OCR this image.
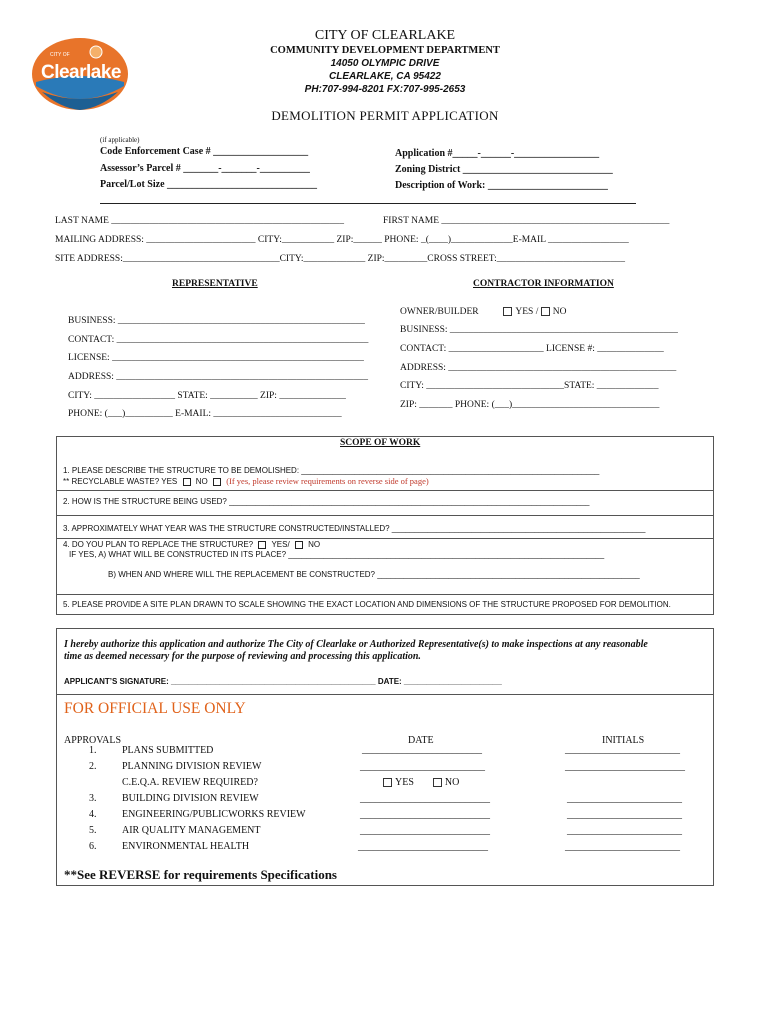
Clearlake
CITY OF
CITY OF CLEARLAKE
COMMUNITY DEVELOPMENT DEPARTMENT
14050 OLYMPIC DRIVE
CLEARLAKE, CA 95422
PH:707-994-8201 FX:707-995-2653
DEMOLITION PERMIT APPLICATION
(if applicable)
Code Enforcement Case # ___________________
Assessor’s Parcel # _______-_______-__________
Parcel/Lot Size ______________________________
Application #_____-______-_________________
Zoning District ______________________________
Description of Work: ________________________
LAST NAME _________________________________________________	FIRST NAME ________________________________________________
MAILING ADDRESS: _______________________ CITY:___________ ZIP:______ PHONE: _(____)_____________E-MAIL _________________
SITE ADDRESS:_________________________________CITY:_____________ ZIP:_________CROSS STREET:___________________________
REPRESENTATIVE
BUSINESS: ____________________________________________________
CONTACT: _____________________________________________________
LICENSE: _____________________________________________________
ADDRESS: _____________________________________________________
CITY: _________________ STATE: __________ ZIP: ______________
PHONE: (___)__________ E-MAIL: ___________________________
CONTRACTOR INFORMATION
OWNER/BUILDER	YES / NO
BUSINESS: ________________________________________________
CONTACT: ____________________ LICENSE #: ______________
ADDRESS: ________________________________________________
CITY: _____________________________STATE: _____________
ZIP: _______ PHONE: (___)_______________________________
SCOPE OF WORK
1. PLEASE DESCRIBE THE STRUCTURE TO BE DEMOLISHED: ___________________________________________________________________
** RECYCLABLE WASTE? YES  NO  (If yes, please review requirements on reverse side of page)
2. HOW IS THE STRUCTURE BEING USED? _________________________________________________________________________________
3. APPROXIMATELY WHAT YEAR WAS THE STRUCTURE CONSTRUCTED/INSTALLED? _________________________________________________________
4. DO YOU PLAN TO REPLACE THE STRUCTURE?  YES/  NO
IF YES, A) WHAT WILL BE CONSTRUCTED IN ITS PLACE? _______________________________________________________________________
B) WHEN AND WHERE WILL THE REPLACEMENT BE CONSTRUCTED? ___________________________________________________________
5. PLEASE PROVIDE A SITE PLAN DRAWN TO SCALE SHOWING THE EXACT LOCATION AND DIMENSIONS OF THE STRUCTURE PROPOSED FOR DEMOLITION.
I hereby authorize this application and authorize The City of Clearlake or Authorized Representative(s) to make inspections at any reasonable time as deemed necessary for the purpose of reviewing and processing this application.
APPLICANT’S SIGNATURE: ______________________________________________ DATE: ______________________
FOR OFFICIAL USE ONLY
APPROVALS	DATE	INITIALS
1.	PLANS SUBMITTED	________________________	_______________________
2.	PLANNING DIVISION REVIEW	_________________________	________________________
C.E.Q.A. REVIEW REQUIRED?	YES	NO
3.	BUILDING DIVISION REVIEW	__________________________	_______________________
4.	ENGINEERING/PUBLICWORKS REVIEW	__________________________	_______________________
5.	AIR QUALITY MANAGEMENT	__________________________	_______________________
6.	ENVIRONMENTAL HEALTH	__________________________	_______________________
**See REVERSE for requirements Specifications
